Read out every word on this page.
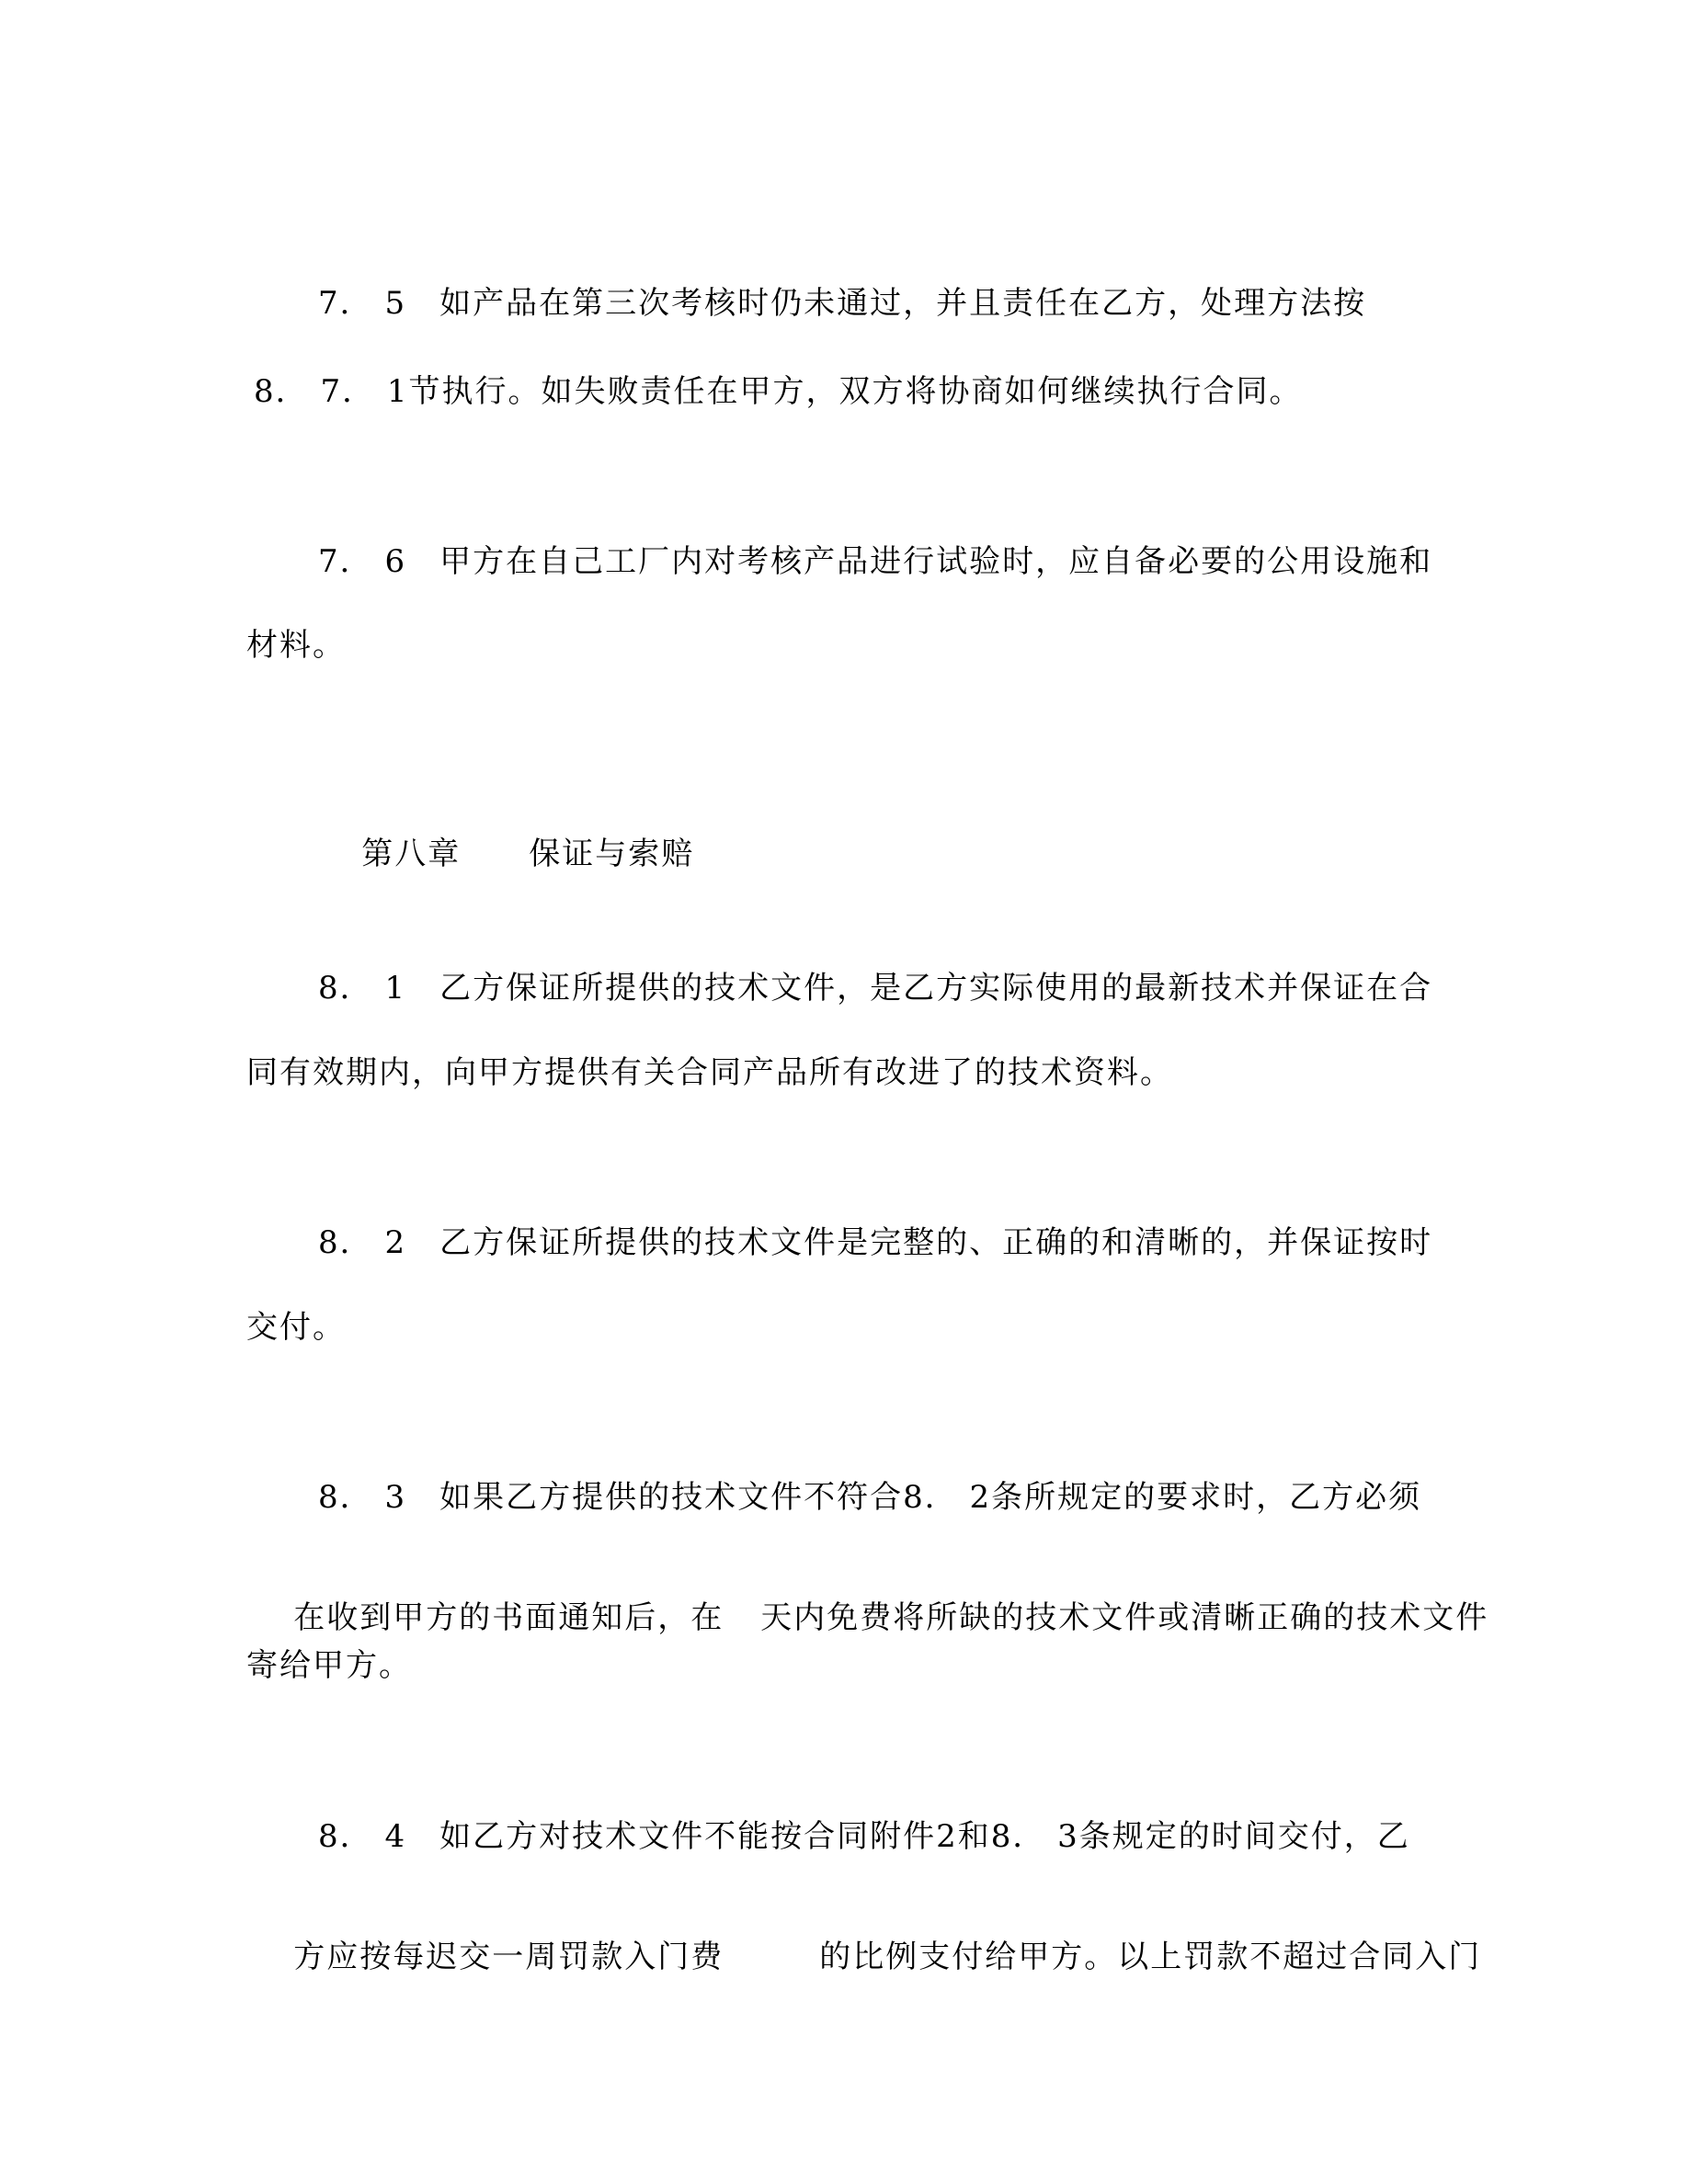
7． 5　如产品在第三次考核时仍未通过，并且责任在乙方，处理方法按

8． 7． 1节执行。如失败责任在甲方，双方将协商如何继续执行合同。

7． 6　甲方在自己工厂内对考核产品进行试验时，应自备必要的公用设施和

材料。

第八章 保证与索赔

8． 1　乙方保证所提供的技术文件，是乙方实际使用的最新技术并保证在合

同有效期内，向甲方提供有关合同产品所有改进了的技术资料。

8． 2　乙方保证所提供的技术文件是完整的、正确的和清晰的，并保证按时

交付。

8． 3　如果乙方提供的技术文件不符合8． 2条所规定的要求时，乙方必须

在收到甲方的书面通知后，在 天内免费将所缺的技术文件或清晰正确的技术文件

寄给甲方。

8． 4　如乙方对技术文件不能按合同附件2和8． 3条规定的时间交付，乙

方应按每迟交一周罚款入门费	的比例支付给甲方。以上罚款不超过合同入门
